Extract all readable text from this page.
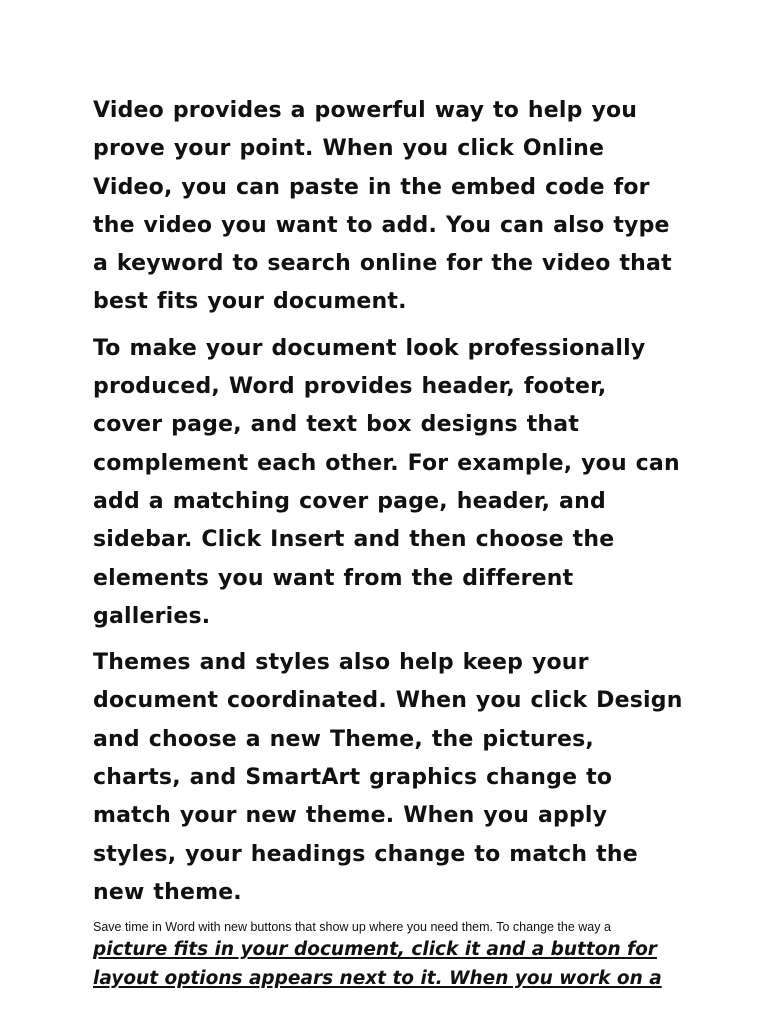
Video provides a powerful way to help you prove your point. When you click Online Video, you can paste in the embed code for the video you want to add. You can also type a keyword to search online for the video that best fits your document.

To make your document look professionally produced, Word provides header, footer, cover page, and text box designs that complement each other. For example, you can add a matching cover page, header, and sidebar. Click Insert and then choose the elements you want from the different galleries.

Themes and styles also help keep your document coordinated. When you click Design and choose a new Theme, the pictures, charts, and SmartArt graphics change to match your new theme. When you apply styles, your headings change to match the new theme.

Save time in Word with new buttons that show up where you need them. To change the way a

picture fits in your document, click it and a button for layout options appears next to it. When you work on a
